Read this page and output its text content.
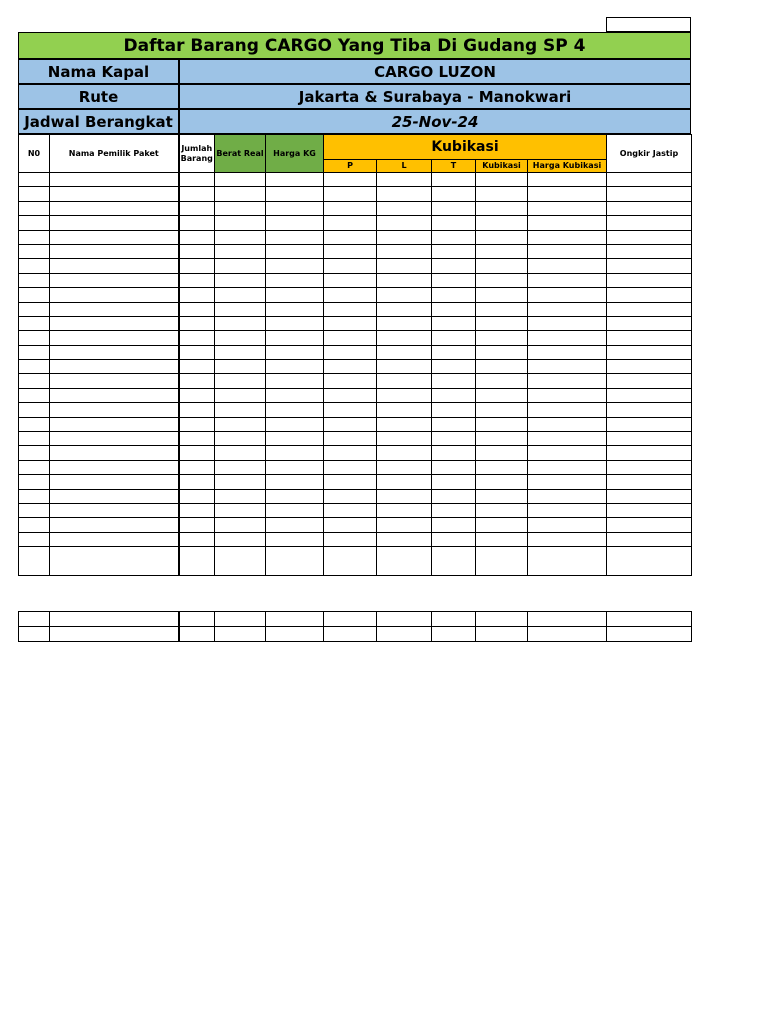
Daftar Barang CARGO Yang Tiba Di Gudang SP 4
Nama Kapal	CARGO LUZON
Rute	Jakarta & Surabaya - Manokwari
Jadwal Berangkat	25-Nov-24
N0	Nama Pemilik Paket	Jumlah Barang	Berat Real	Harga KG	Kubikasi					Ongkir Jastip
					P	L	T	Kubikasi	Harga Kubikasi	
